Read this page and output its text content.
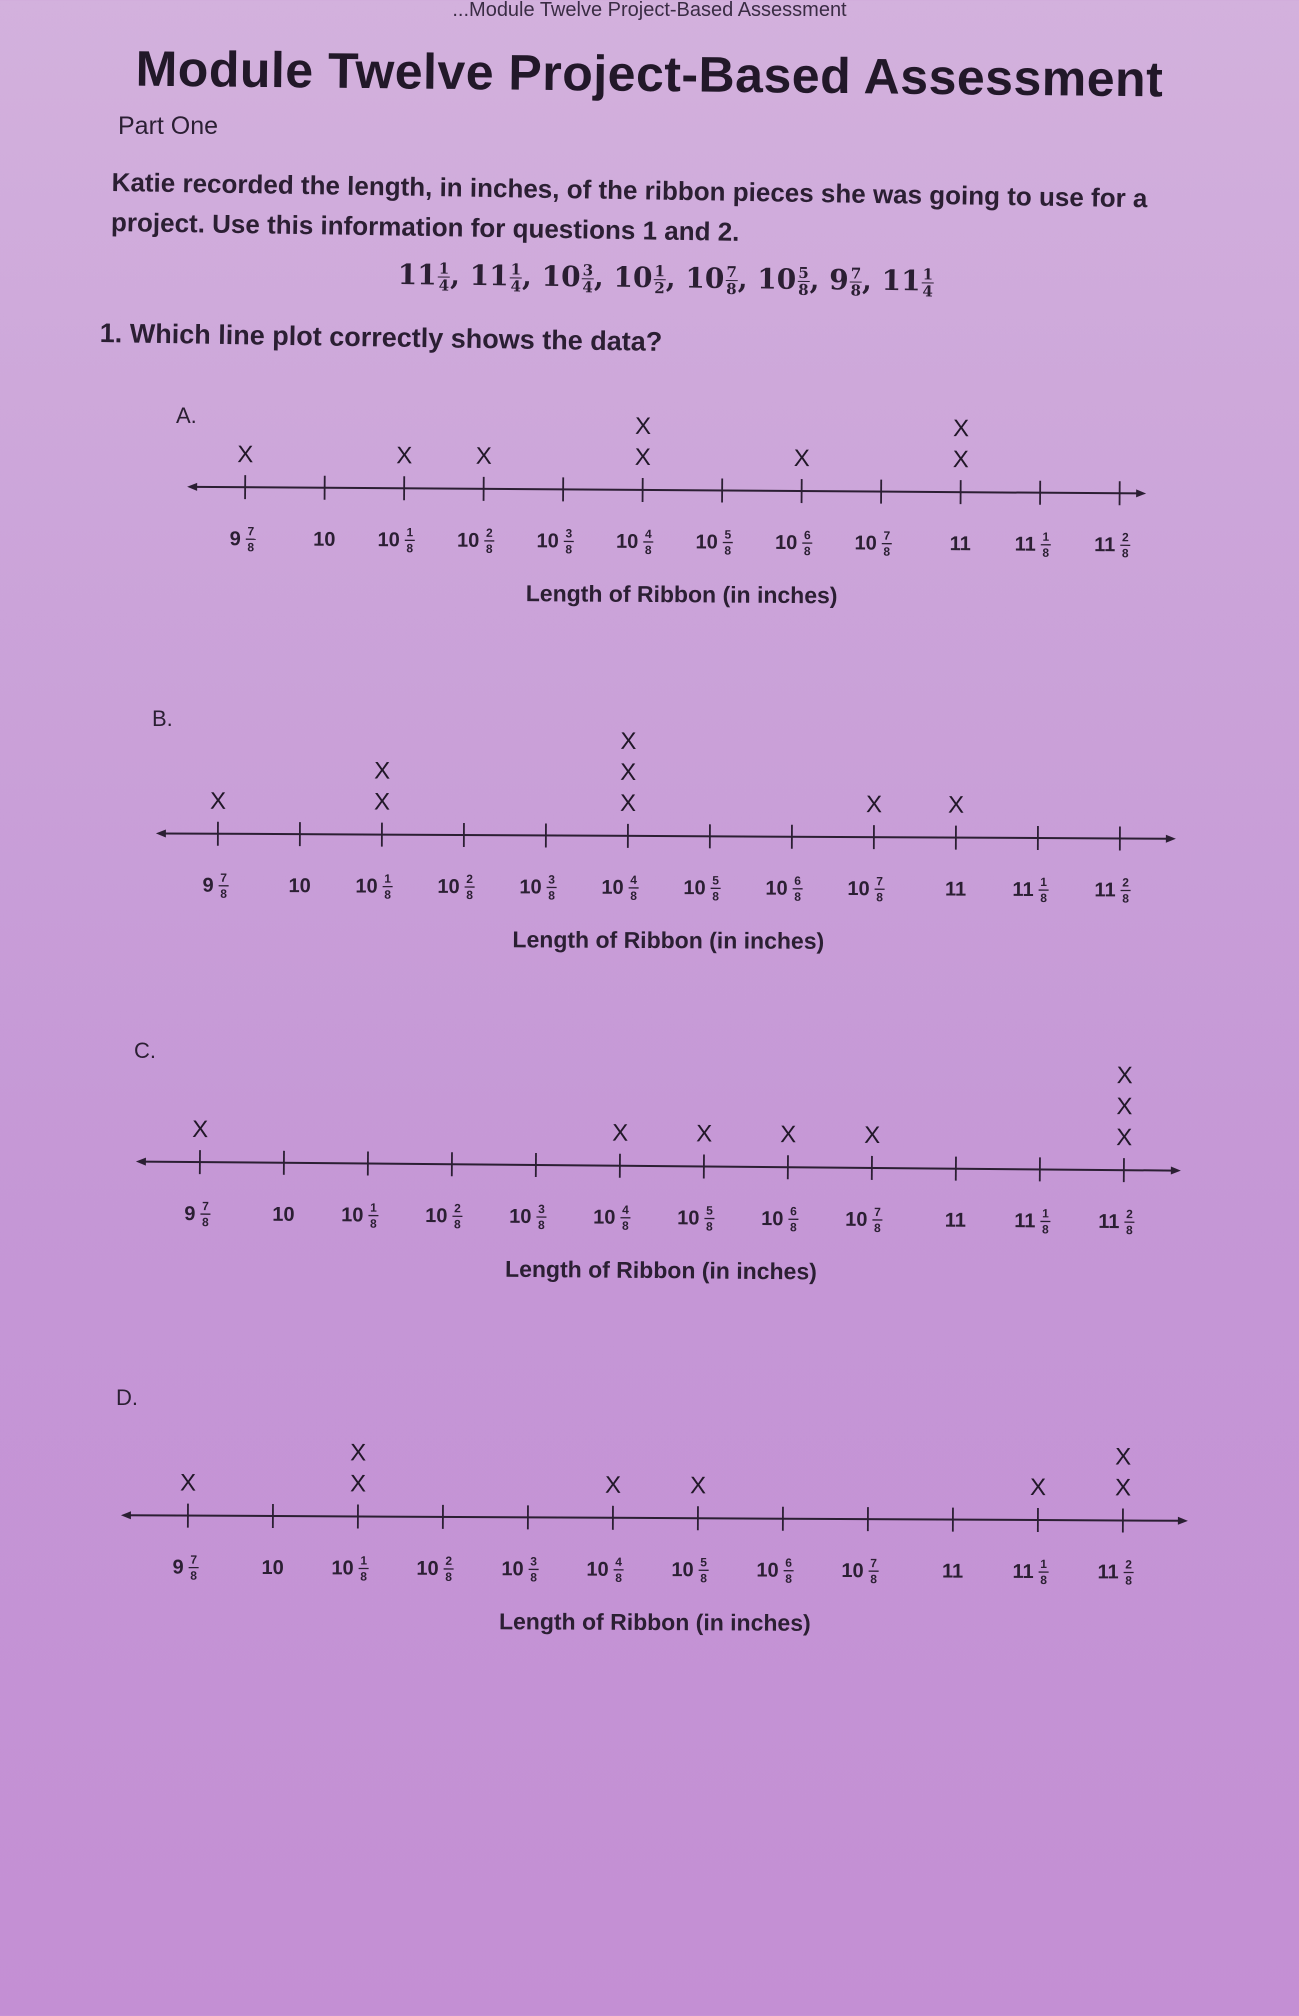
...Module Twelve Project-Based Assessment
Module Twelve Project-Based Assessment
Part One
Katie recorded the length, in inches, of the ribbon pieces she was going to use for a project. Use this information for questions 1 and 2.
$11 \frac{1}{4}$ , $11 \frac{1}{4}$ , $10 \frac{3}{4}$ , $10 \frac{1}{2}$ , $10 \frac{7}{8}$ , $10 \frac{5}{8}$ , $9 \frac{7}{8}$ , $11 \frac{1}{4}$
1. Which line plot correctly shows the data?
A.
9 7
8
X
10 10 1
8
X
10 2
8
X
10 3
8 10 4
8
X
X
10 5
8 10 6
8
X
10 7
8	11
X
X
11 1
8 11 2
8
Length of Ribbon (in inches)
B.
9 7
8
X
10 10 1
8
X
X
10 2
8 10 3
8 10 4
8
X
X
X
10 5
8 10 6
8 10 7
8
X
11
X
11 1
8 11 2
8
Length of Ribbon (in inches)
C.
9 7
8
X
10 10 1
8 10 2
8 10 3
8 10 4
8
X
10 5
8
X
10 6
8
X
10 7
8
X
11 11 1
8 11 2
8
X
X
X
Length of Ribbon (in inches)
D.
9 7
8
X
10 10 1
8
X
X
10 2
8 10 3
8 10 4
8
X
10 5
8
X
10 6
8 10 7
8	11 11 1
8
X
11 2
8
X
X
Length of Ribbon (in inches)
